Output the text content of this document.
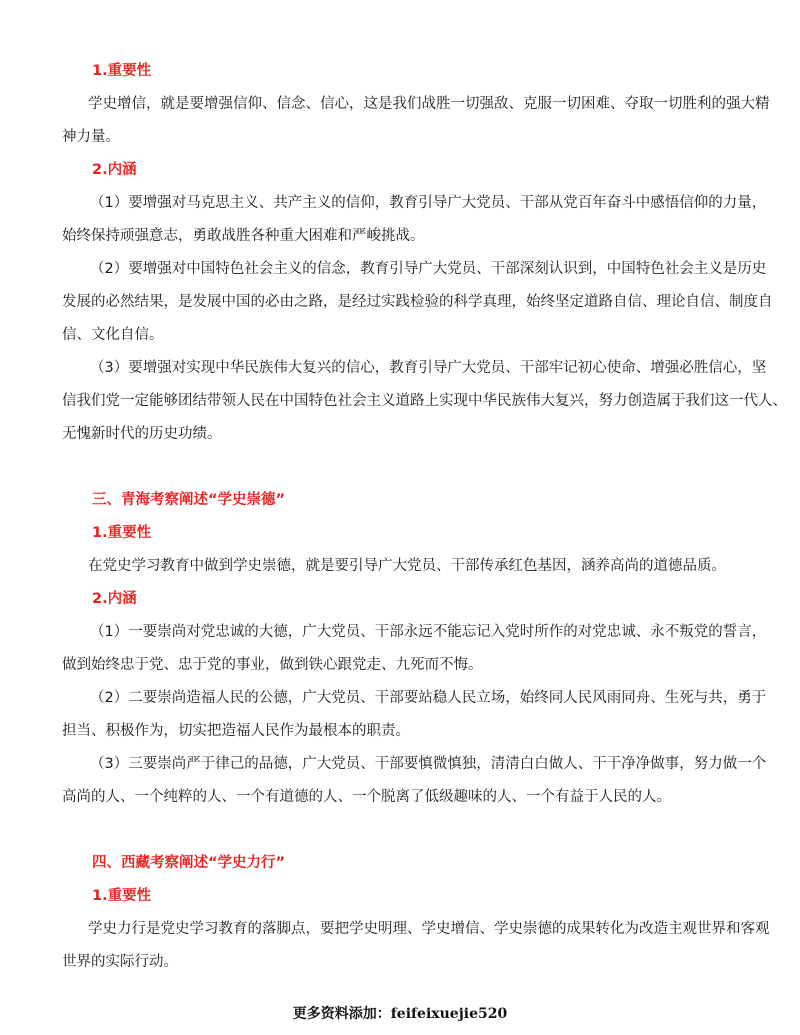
1.重要性
学史增信，就是要增强信仰、信念、信心，这是我们战胜一切强敌、克服一切困难、夺取一切胜利的强大精
神力量。
2.内涵
（1）要增强对马克思主义、共产主义的信仰，教育引导广大党员、干部从党百年奋斗中感悟信仰的力量，
始终保持顽强意志，勇敢战胜各种重大困难和严峻挑战。
（2）要增强对中国特色社会主义的信念，教育引导广大党员、干部深刻认识到，中国特色社会主义是历史
发展的必然结果，是发展中国的必由之路，是经过实践检验的科学真理，始终坚定道路自信、理论自信、制度自
信、文化自信。
（3）要增强对实现中华民族伟大复兴的信心，教育引导广大党员、干部牢记初心使命、增强必胜信心，坚
信我们党一定能够团结带领人民在中国特色社会主义道路上实现中华民族伟大复兴，努力创造属于我们这一代人、
无愧新时代的历史功绩。
三、青海考察阐述“学史崇德”
1.重要性
在党史学习教育中做到学史崇德，就是要引导广大党员、干部传承红色基因，涵养高尚的道德品质。
2.内涵
（1）一要崇尚对党忠诚的大德，广大党员、干部永远不能忘记入党时所作的对党忠诚、永不叛党的誓言，
做到始终忠于党、忠于党的事业，做到铁心跟党走、九死而不悔。
（2）二要崇尚造福人民的公德，广大党员、干部要站稳人民立场，始终同人民风雨同舟、生死与共，勇于
担当、积极作为，切实把造福人民作为最根本的职责。
（3）三要崇尚严于律己的品德，广大党员、干部要慎微慎独，清清白白做人、干干净净做事，努力做一个
高尚的人、一个纯粹的人、一个有道德的人、一个脱离了低级趣味的人、一个有益于人民的人。
四、西藏考察阐述“学史力行”
1.重要性
学史力行是党史学习教育的落脚点，要把学史明理、学史增信、学史崇德的成果转化为改造主观世界和客观
世界的实际行动。
更多资料添加：feifeixuejie520
